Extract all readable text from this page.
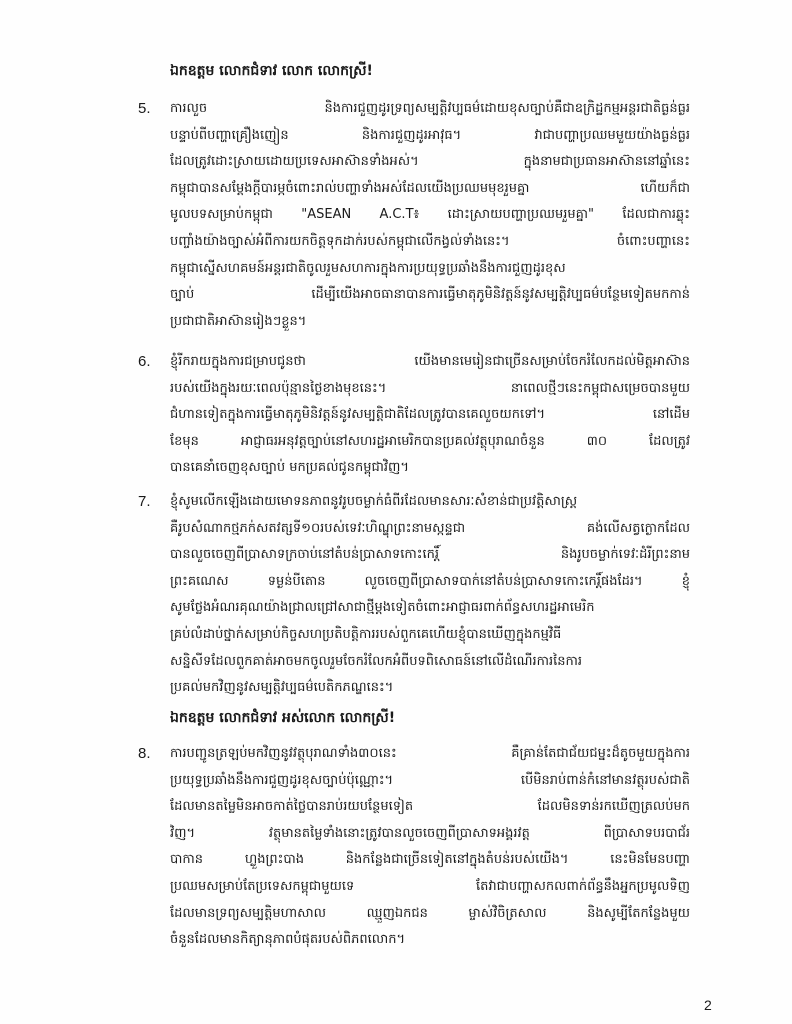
ឯកឧត្តម លោកជំទាវ លោក លោកស្រី!
5.	ការលួច និងការជួញដូរទ្រព្យសម្បត្តិវប្បធម៌ដោយខុសច្បាប់គឺជាឧក្រិដ្ឋកម្មអន្តរជាតិធ្ងន់ធ្ងរ
បន្ទាប់ពីបញ្ហាគ្រឿងញៀន និងការជួញដូរអាវុធ។ វាជាបញ្ហាប្រឈមមួយយ៉ាងធ្ងន់ធ្ងរ
ដែលត្រូវដោះស្រាយដោយប្រទេសអាស៊ានទាំងអស់។ ក្នុងនាមជាប្រធានអាស៊ាននៅឆ្នាំនេះ
កម្ពុជាបានសម្តែងក្តីបារម្ភចំពោះរាល់បញ្ហាទាំងអស់ដែលយើងប្រឈមមុខរួមគ្នា ហើយក៏ជា
មូលបទសម្រាប់កម្ពុជា "ASEAN A.C.T៖ ដោះស្រាយបញ្ហាប្រឈមរួមគ្នា" ដែលជាការឆ្លុះ
បញ្ចាំងយ៉ាងច្បាស់អំពីការយកចិត្តទុកដាក់របស់កម្ពុជាលើកង្វល់ទាំងនេះ។ ចំពោះបញ្ហានេះ
កម្ពុជាស្នើសហគមន៍អន្តរជាតិចូលរួមសហការក្នុងការប្រយុទ្ធប្រឆាំងនឹងការជួញដូរខុស
ច្បាប់ ដើម្បីយើងអាចធានាបានការធ្វើមាតុភូមិនិវត្តន៍នូវសម្បត្តិវប្បធម៌បន្ថែមទៀតមកកាន់
ប្រជាជាតិអាស៊ានរៀងៗខ្លួន។
6.	ខ្ញុំរីករាយក្នុងការជម្រាបជូនថា យើងមានមេរៀនជាច្រើនសម្រាប់ចែករំលែកដល់មិត្តអាស៊ាន
របស់យើងក្នុងរយៈពេលប៉ុន្មានថ្ងៃខាងមុខនេះ។ នាពេលថ្មីៗនេះកម្ពុជាសម្រេចបានមួយ
ជំហានទៀតក្នុងការធ្វើមាតុភូមិនិវត្តន៍នូវសម្បត្តិជាតិដែលត្រូវបានគេលួចយកទៅ។ នៅដើម
ខែមុន អាជ្ញាធរអនុវត្តច្បាប់នៅសហរដ្ឋអាមេរិកបានប្រគល់វត្ថុបុរាណចំនួន ៣០ ដែលត្រូវ
បានគេនាំចេញខុសច្បាប់ មកប្រគល់ជូនកម្ពុជាវិញ។
7.	ខ្ញុំសូមលើកឡើងដោយមោទនភាពនូវរូបចម្លាក់ធំពីរដែលមានសារៈសំខាន់ជាប្រវត្តិសាស្ត្រ
គឺរូបសំណាកថ្មភក់សតវត្សទី១០របស់ទេវៈហិណ្ឌុព្រះនាមស្កន្ទជា គង់លើសត្វក្ងោកដែល
បានលួចចេញពីប្រាសាទក្រចាប់នៅតំបន់ប្រាសាទកោះកេរ្តិ៍ និងរូបចម្លាក់ទេវៈដំរីព្រះនាម
ព្រះគណេស ទម្ងន់បីតោន លួចចេញពីប្រាសាទបាក់នៅតំបន់ប្រាសាទកោះកេរ្តិ៍ផងដែរ។ ខ្ញុំ
សូមថ្លែងអំណរគុណយ៉ាងជ្រាលជ្រៅសាជាថ្មីម្តងទៀតចំពោះអាជ្ញាធរពាក់ព័ន្ធសហរដ្ឋអាមេរិក
គ្រប់លំដាប់ថ្នាក់សម្រាប់កិច្ចសហប្រតិបត្តិការរបស់ពួកគេហើយខ្ញុំបានឃើញក្នុងកម្មវិធី
សន្និសីទដែលពួកគាត់អាចមកចូលរួមចែករំលែកអំពីបទពិសោធន៍នៅលើដំណើរការនៃការ
ប្រគល់មកវិញនូវសម្បត្តិវប្បធម៌បេតិកភណ្ឌនេះ។
ឯកឧត្តម លោកជំទាវ អស់លោក លោកស្រី!
8.	ការបញ្ជូនត្រឡប់មកវិញនូវវត្ថុបុរាណទាំង៣០នេះ គឺគ្រាន់តែជាជ័យជម្នះដ៏តូចមួយក្នុងការ
ប្រយុទ្ធប្រឆាំងនឹងការជួញដូរខុសច្បាប់ប៉ុណ្ណោះ។ បើមិនរាប់ពាន់កំនៅមានវត្ថុរបស់ជាតិ
ដែលមានតម្លៃមិនអាចកាត់ថ្លៃបានរាប់រយបន្ថែមទៀត ដែលមិនទាន់រកឃើញត្រលប់មក
វិញ។ វត្ថុមានតម្លៃទាំងនោះត្រូវបានលួចចេញពីប្រាសាទអង្គរវត្ត ពីប្រាសាទបរបាជ័រ
បាកាន ហ្លួងព្រះបាង និងកន្លែងជាច្រើនទៀតនៅក្នុងតំបន់របស់យើង។ នេះមិនមែនបញ្ហា
ប្រឈមសម្រាប់តែប្រទេសកម្ពុជាមួយទេ តែវាជាបញ្ហាសកលពាក់ព័ន្ធនឹងអ្នកប្រមូលទិញ
ដែលមានទ្រព្យសម្បត្តិមហាសាល ឈ្មួញឯកជន ម្ចាស់វិចិត្រសាល និងសូម្បីតែកន្លែងមួយ
ចំនួនដែលមានកិត្យានុភាពបំផុតរបស់ពិភពលោក។
2
